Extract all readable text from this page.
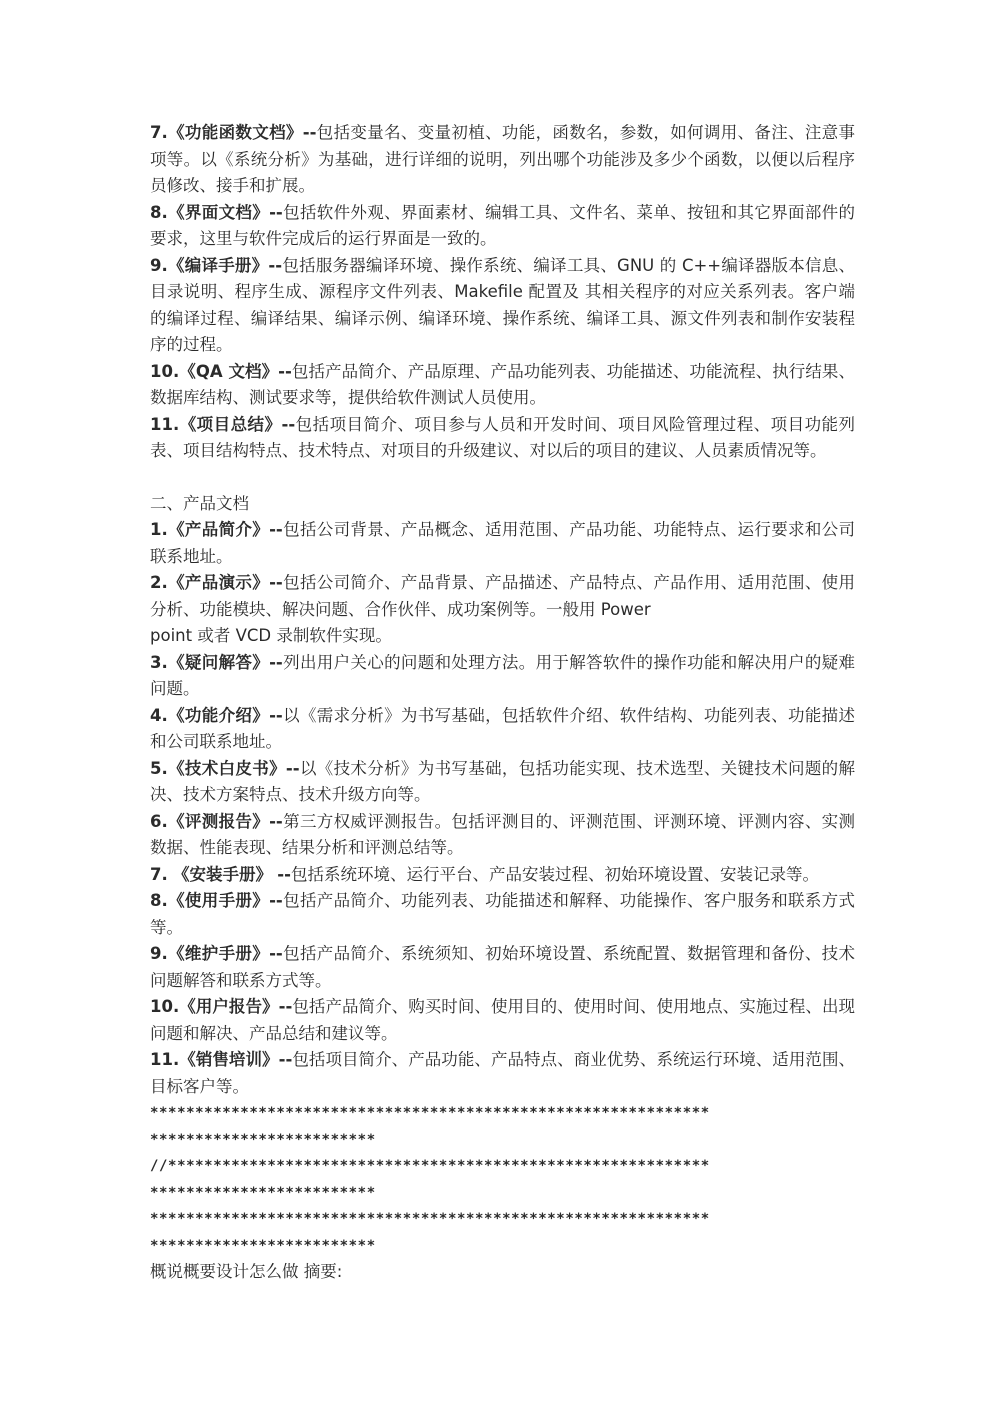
7.《功能函数文档》--包括变量名、变量初植、功能，函数名，参数，如何调用、备注、注意事项等。以《系统分析》为基础，进行详细的说明，列出哪个功能涉及多少个函数，以便以后程序员修改、接手和扩展。

8.《界面文档》--包括软件外观、界面素材、编辑工具、文件名、菜单、按钮和其它界面部件的要求，这里与软件完成后的运行界面是一致的。

9.《编译手册》--包括服务器编译环境、操作系统、编译工具、GNU 的 C++编译器版本信息、目录说明、程序生成、源程序文件列表、Makefile 配置及 其相关程序的对应关系列表。客户端的编译过程、编译结果、编译示例、编译环境、操作系统、编译工具、源文件列表和制作安装程序的过程。

10.《QA 文档》--包括产品简介、产品原理、产品功能列表、功能描述、功能流程、执行结果、数据库结构、测试要求等，提供给软件测试人员使用。

11.《项目总结》--包括项目简介、项目参与人员和开发时间、项目风险管理过程、项目功能列表、项目结构特点、技术特点、对项目的升级建议、对以后的项目的建议、人员素质情况等。

二、产品文档

1.《产品简介》--包括公司背景、产品概念、适用范围、产品功能、功能特点、运行要求和公司联系地址。

2.《产品演示》--包括公司简介、产品背景、产品描述、产品特点、产品作用、适用范围、使用分析、功能模块、解决问题、合作伙伴、成功案例等。一般用 Power
point 或者 VCD 录制软件实现。

3.《疑问解答》--列出用户关心的问题和处理方法。用于解答软件的操作功能和解决用户的疑难问题。

4.《功能介绍》--以《需求分析》为书写基础，包括软件介绍、软件结构、功能列表、功能描述和公司联系地址。

5.《技术白皮书》--以《技术分析》为书写基础，包括功能实现、技术选型、关键技术问题的解决、技术方案特点、技术升级方向等。

6.《评测报告》--第三方权威评测报告。包括评测目的、评测范围、评测环境、评测内容、实测数据、性能表现、结果分析和评测总结等。

7. 《安装手册》 --包括系统环境、运行平台、产品安装过程、初始环境设置、安装记录等。

8.《使用手册》--包括产品简介、功能列表、功能描述和解释、功能操作、客户服务和联系方式等。

9.《维护手册》--包括产品简介、系统须知、初始环境设置、系统配置、数据管理和备份、技术问题解答和联系方式等。

10.《用户报告》--包括产品简介、购买时间、使用目的、使用时间、使用地点、实施过程、出现问题和解决、产品总结和建议等。

11.《销售培训》--包括项目简介、产品功能、产品特点、商业优势、系统运行环境、适用范围、目标客户等。

**************************************************************

*************************

//************************************************************

*************************

**************************************************************

*************************

概说概要设计怎么做 摘要:
